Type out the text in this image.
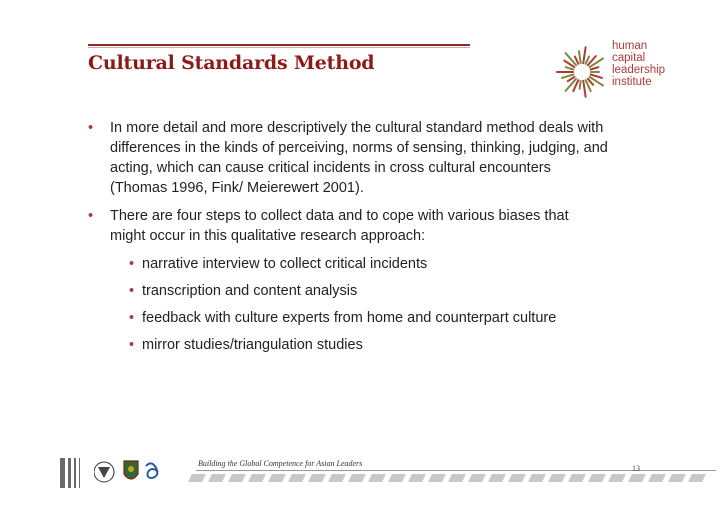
Cultural Standards Method
human
capital
leadership
institute
• In more detail and more descriptively the cultural standard method deals with differences in the kinds of perceiving, norms of sensing, thinking, judging, and acting, which can cause critical incidents in cross cultural encounters (Thomas 1996, Fink/ Meierewert 2001).
• There are four steps to collect data and to cope with various biases that might occur in this qualitative research approach:
• narrative interview to collect critical incidents
• transcription and content analysis
• feedback with culture experts from home and counterpart culture
• mirror studies/triangulation studies
Building the Global Competence for Asian Leaders
13
